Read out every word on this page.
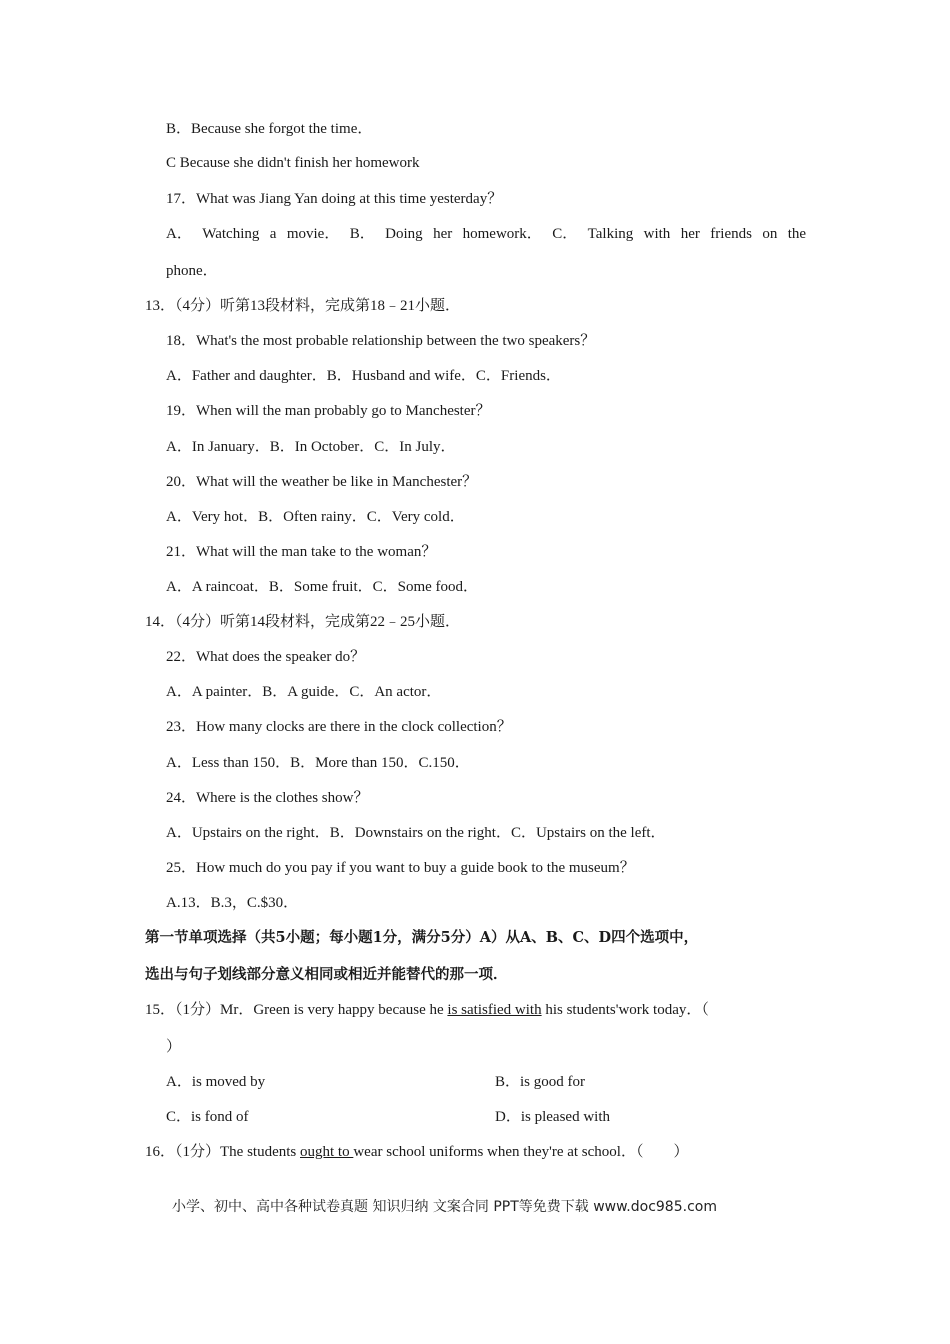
B．Because she forgot the time．
C Because she didn't finish her homework
17．What was Jiang Yan doing at this time yesterday？
A． Watching a movie． B． Doing her homework． C． Talking with her friends on the
phone．
13．（4分）听第13段材料，完成第18﹣21小题．
18．What's the most probable relationship between the two speakers？
A．Father and daughter．B．Husband and wife．C．Friends．
19．When will the man probably go to Manchester？
A．In January．B．In October．C．In July．
20．What will the weather be like in Manchester？
A．Very hot．B．Often rainy．C．Very cold．
21．What will the man take to the woman？
A．A raincoat．B．Some fruit．C．Some food．
14．（4分）听第14段材料，完成第22﹣25小题．
22．What does the speaker do？
A．A painter．B．A guide．C．An actor．
23．How many clocks are there in the clock collection？
A．Less than 150．B．More than 150．C.150．
24．Where is the clothes show？
A．Upstairs on the right．B．Downstairs on the right．C．Upstairs on the left．
25．How much do you pay if you want to buy a guide book to the museum？
A.13．B.3，C.$30．
第一节单项选择（共5小题；每小题1分，满分5分）A）从A、B、C、D四个选项中，
选出与句子划线部分意义相同或相近并能替代的那一项．
15．（1分）Mr．Green is very happy because he is satisfied with his students'work today．（
）
A．is moved by	B．is good for
C．is fond of	D．is pleased with
16．（1分）The students ought to wear school uniforms when they're at school．（　　）
小学、初中、高中各种试卷真题 知识归纳 文案合同 PPT等免费下载 www.doc985.com
